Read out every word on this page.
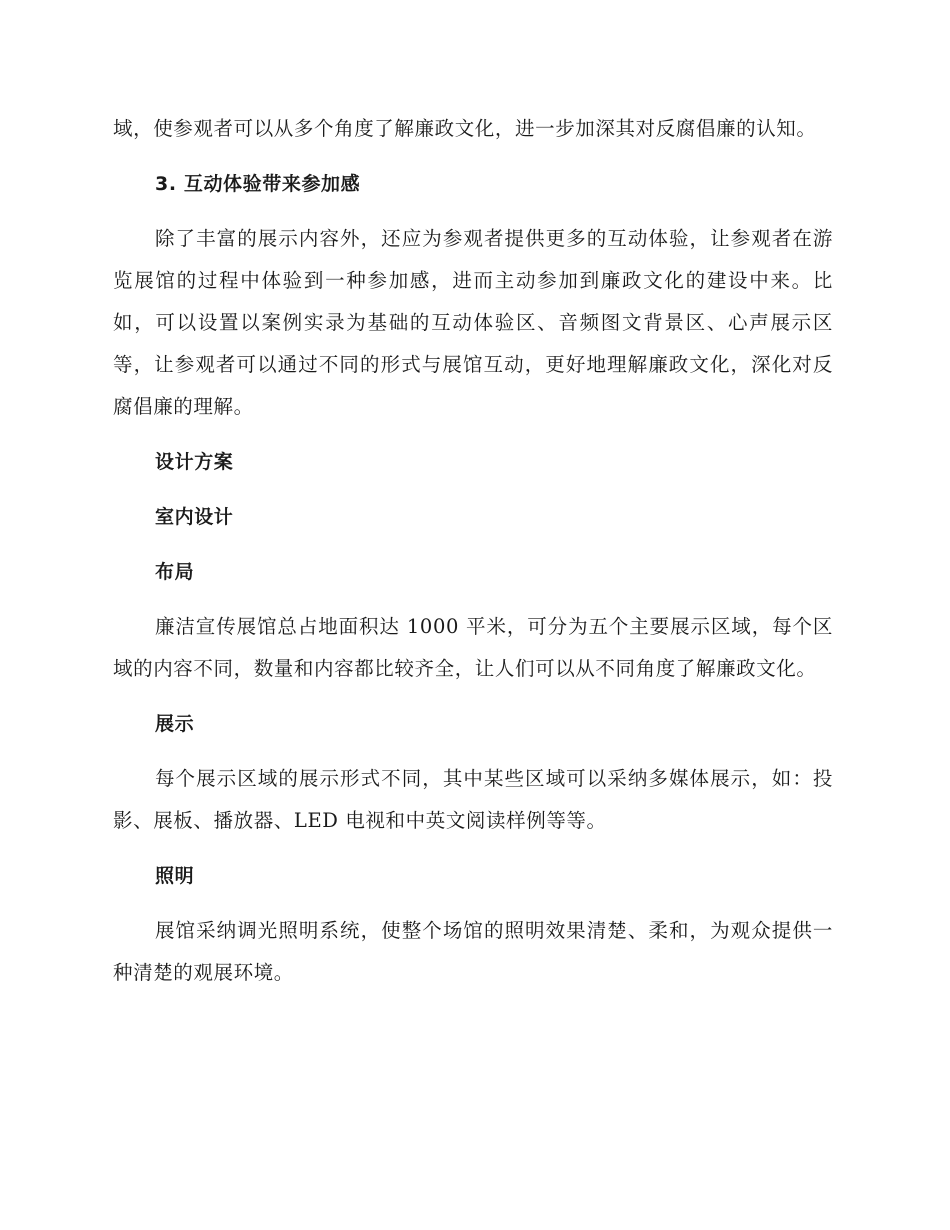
域，使参观者可以从多个角度了解廉政文化，进一步加深其对反腐倡廉的认知。

3. 互动体验带来参加感

除了丰富的展示内容外，还应为参观者提供更多的互动体验，让参观者在游览展馆的过程中体验到一种参加感，进而主动参加到廉政文化的建设中来。比如，可以设置以案例实录为基础的互动体验区、音频图文背景区、心声展示区等，让参观者可以通过不同的形式与展馆互动，更好地理解廉政文化，深化对反腐倡廉的理解。

设计方案

室内设计

布局

廉洁宣传展馆总占地面积达 1000 平米，可分为五个主要展示区域，每个区域的内容不同，数量和内容都比较齐全，让人们可以从不同角度了解廉政文化。

展示

每个展示区域的展示形式不同，其中某些区域可以采纳多媒体展示，如：投影、展板、播放器、LED 电视和中英文阅读样例等等。

照明

展馆采纳调光照明系统，使整个场馆的照明效果清楚、柔和，为观众提供一种清楚的观展环境。
